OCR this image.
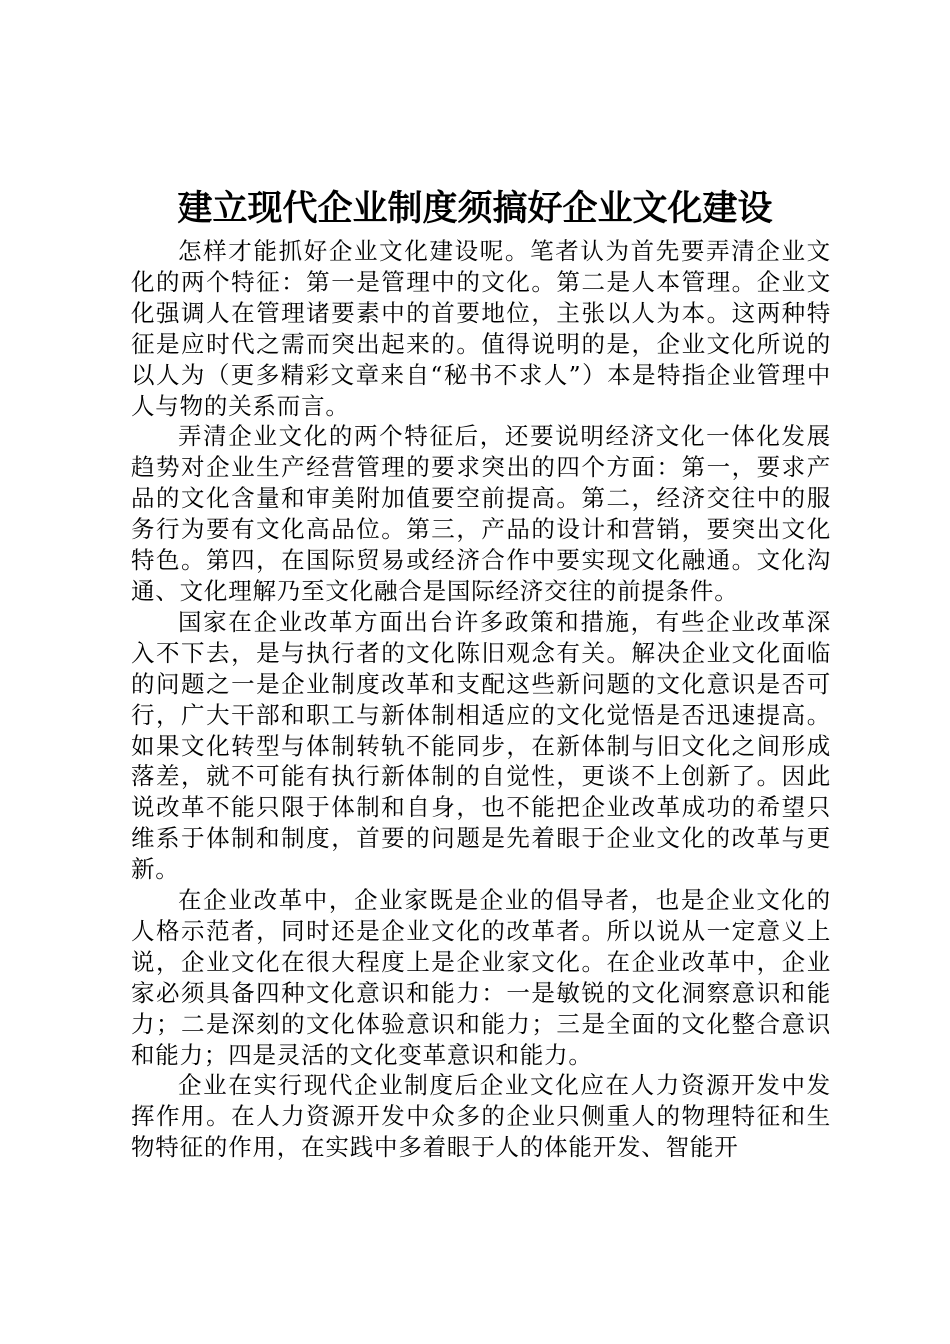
建立现代企业制度须搞好企业文化建设

怎样才能抓好企业文化建设呢。笔者认为首先要弄清企业文化的两个特征：第一是管理中的文化。第二是人本管理。企业文化强调人在管理诸要素中的首要地位，主张以人为本。这两种特征是应时代之需而突出起来的。值得说明的是，企业文化所说的以人为（更多精彩文章来自“秘书不求人”）本是特指企业管理中人与物的关系而言。

弄清企业文化的两个特征后，还要说明经济文化一体化发展趋势对企业生产经营管理的要求突出的四个方面：第一，要求产品的文化含量和审美附加值要空前提高。第二，经济交往中的服务行为要有文化高品位。第三，产品的设计和营销，要突出文化特色。第四，在国际贸易或经济合作中要实现文化融通。文化沟通、文化理解乃至文化融合是国际经济交往的前提条件。

国家在企业改革方面出台许多政策和措施，有些企业改革深入不下去，是与执行者的文化陈旧观念有关。解决企业文化面临的问题之一是企业制度改革和支配这些新问题的文化意识是否可行，广大干部和职工与新体制相适应的文化觉悟是否迅速提高。如果文化转型与体制转轨不能同步，在新体制与旧文化之间形成落差，就不可能有执行新体制的自觉性，更谈不上创新了。因此说改革不能只限于体制和自身，也不能把企业改革成功的希望只维系于体制和制度，首要的问题是先着眼于企业文化的改革与更新。

在企业改革中，企业家既是企业的倡导者，也是企业文化的人格示范者，同时还是企业文化的改革者。所以说从一定意义上说，企业文化在很大程度上是企业家文化。在企业改革中，企业家必须具备四种文化意识和能力：一是敏锐的文化洞察意识和能力；二是深刻的文化体验意识和能力；三是全面的文化整合意识和能力；四是灵活的文化变革意识和能力。

企业在实行现代企业制度后企业文化应在人力资源开发中发挥作用。在人力资源开发中众多的企业只侧重人的物理特征和生物特征的作用，在实践中多着眼于人的体能开发、智能开
